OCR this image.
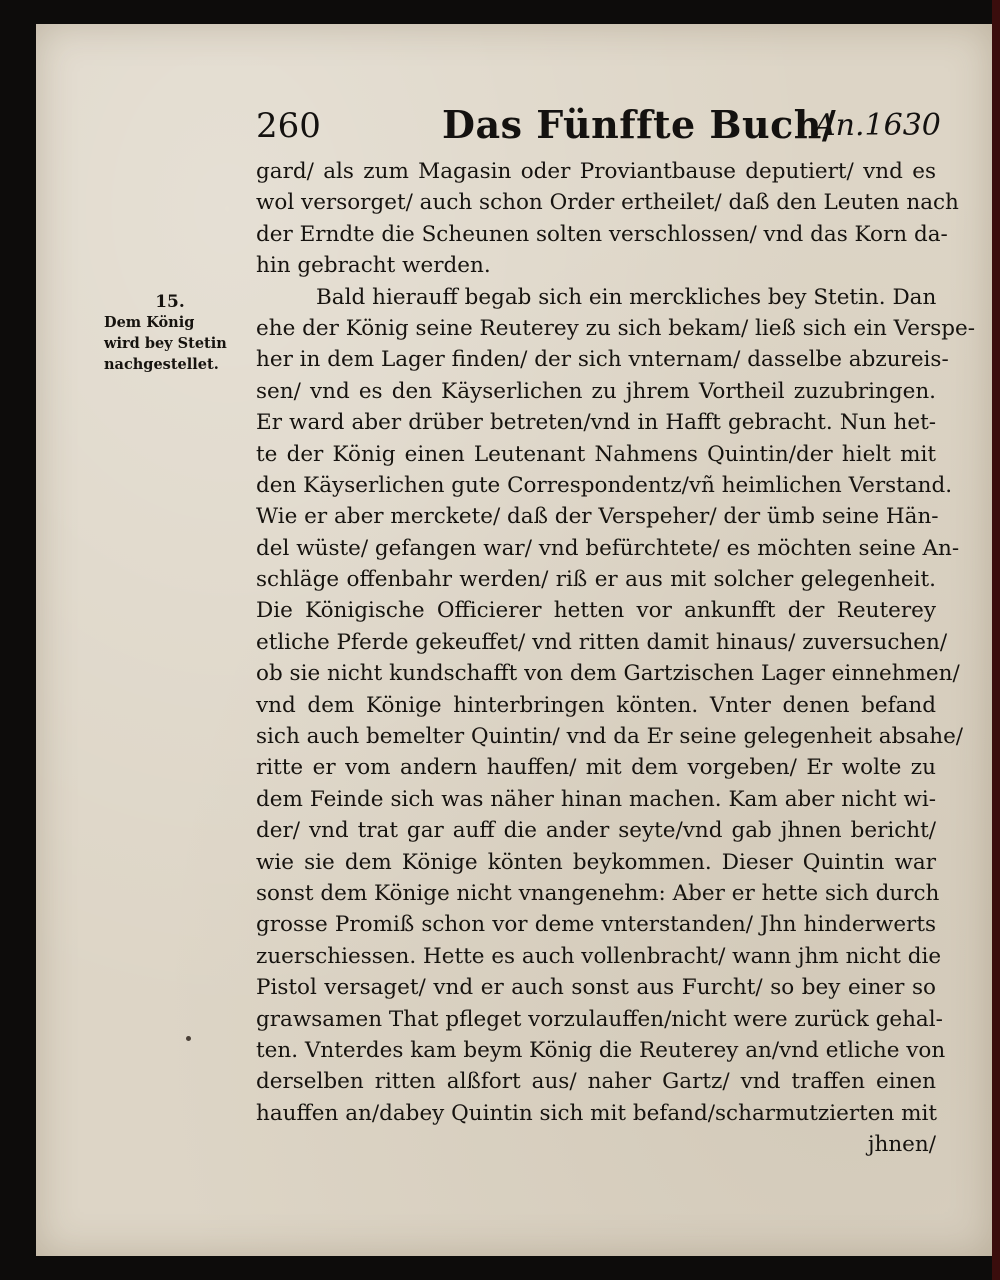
260	Das Fünffte Buch/
An.1630
15.
Dem König
wird bey Stetin
nachgestellet.
gard/ als zum Magasin oder Proviantbause deputiert/ vnd es
wol versorget/ auch schon Order ertheilet/ daß den Leuten nach
der Erndte die Scheunen solten verschlossen/ vnd das Korn da-
hin gebracht werden.
Bald hierauff begab sich ein merckliches bey Stetin. Dan
ehe der König seine Reuterey zu sich bekam/ ließ sich ein Verspe-
her in dem Lager finden/ der sich vnternam/ dasselbe abzureis-
sen/ vnd es den Käyserlichen zu jhrem Vortheil zuzubringen.
Er ward aber drüber betreten/vnd in Hafft gebracht. Nun het-
te der König einen Leutenant Nahmens Quintin/der hielt mit
den Käyserlichen gute Correspondentz/vñ heimlichen Verstand.
Wie er aber merckete/ daß der Verspeher/ der ümb seine Hän-
del wüste/ gefangen war/ vnd befürchtete/ es möchten seine An-
schläge offenbahr werden/ riß er aus mit solcher gelegenheit.
Die Königische Officierer hetten vor ankunfft der Reuterey
etliche Pferde gekeuffet/ vnd ritten damit hinaus/ zuversuchen/
ob sie nicht kundschafft von dem Gartzischen Lager einnehmen/
vnd dem Könige hinterbringen könten. Vnter denen befand
sich auch bemelter Quintin/ vnd da Er seine gelegenheit absahe/
ritte er vom andern hauffen/ mit dem vorgeben/ Er wolte zu
dem Feinde sich was näher hinan machen. Kam aber nicht wi-
der/ vnd trat gar auff die ander seyte/vnd gab jhnen bericht/
wie sie dem Könige könten beykommen. Dieser Quintin war
sonst dem Könige nicht vnangenehm: Aber er hette sich durch
grosse Promiß schon vor deme vnterstanden/ Jhn hinderwerts
zuerschiessen. Hette es auch vollenbracht/ wann jhm nicht die
Pistol versaget/ vnd er auch sonst aus Furcht/ so bey einer so
grawsamen That pfleget vorzulauffen/nicht were zurück gehal-
ten. Vnterdes kam beym König die Reuterey an/vnd etliche von
derselben ritten alßfort aus/ naher Gartz/ vnd traffen einen
hauffen an/dabey Quintin sich mit befand/scharmutzierten mit
jhnen/
